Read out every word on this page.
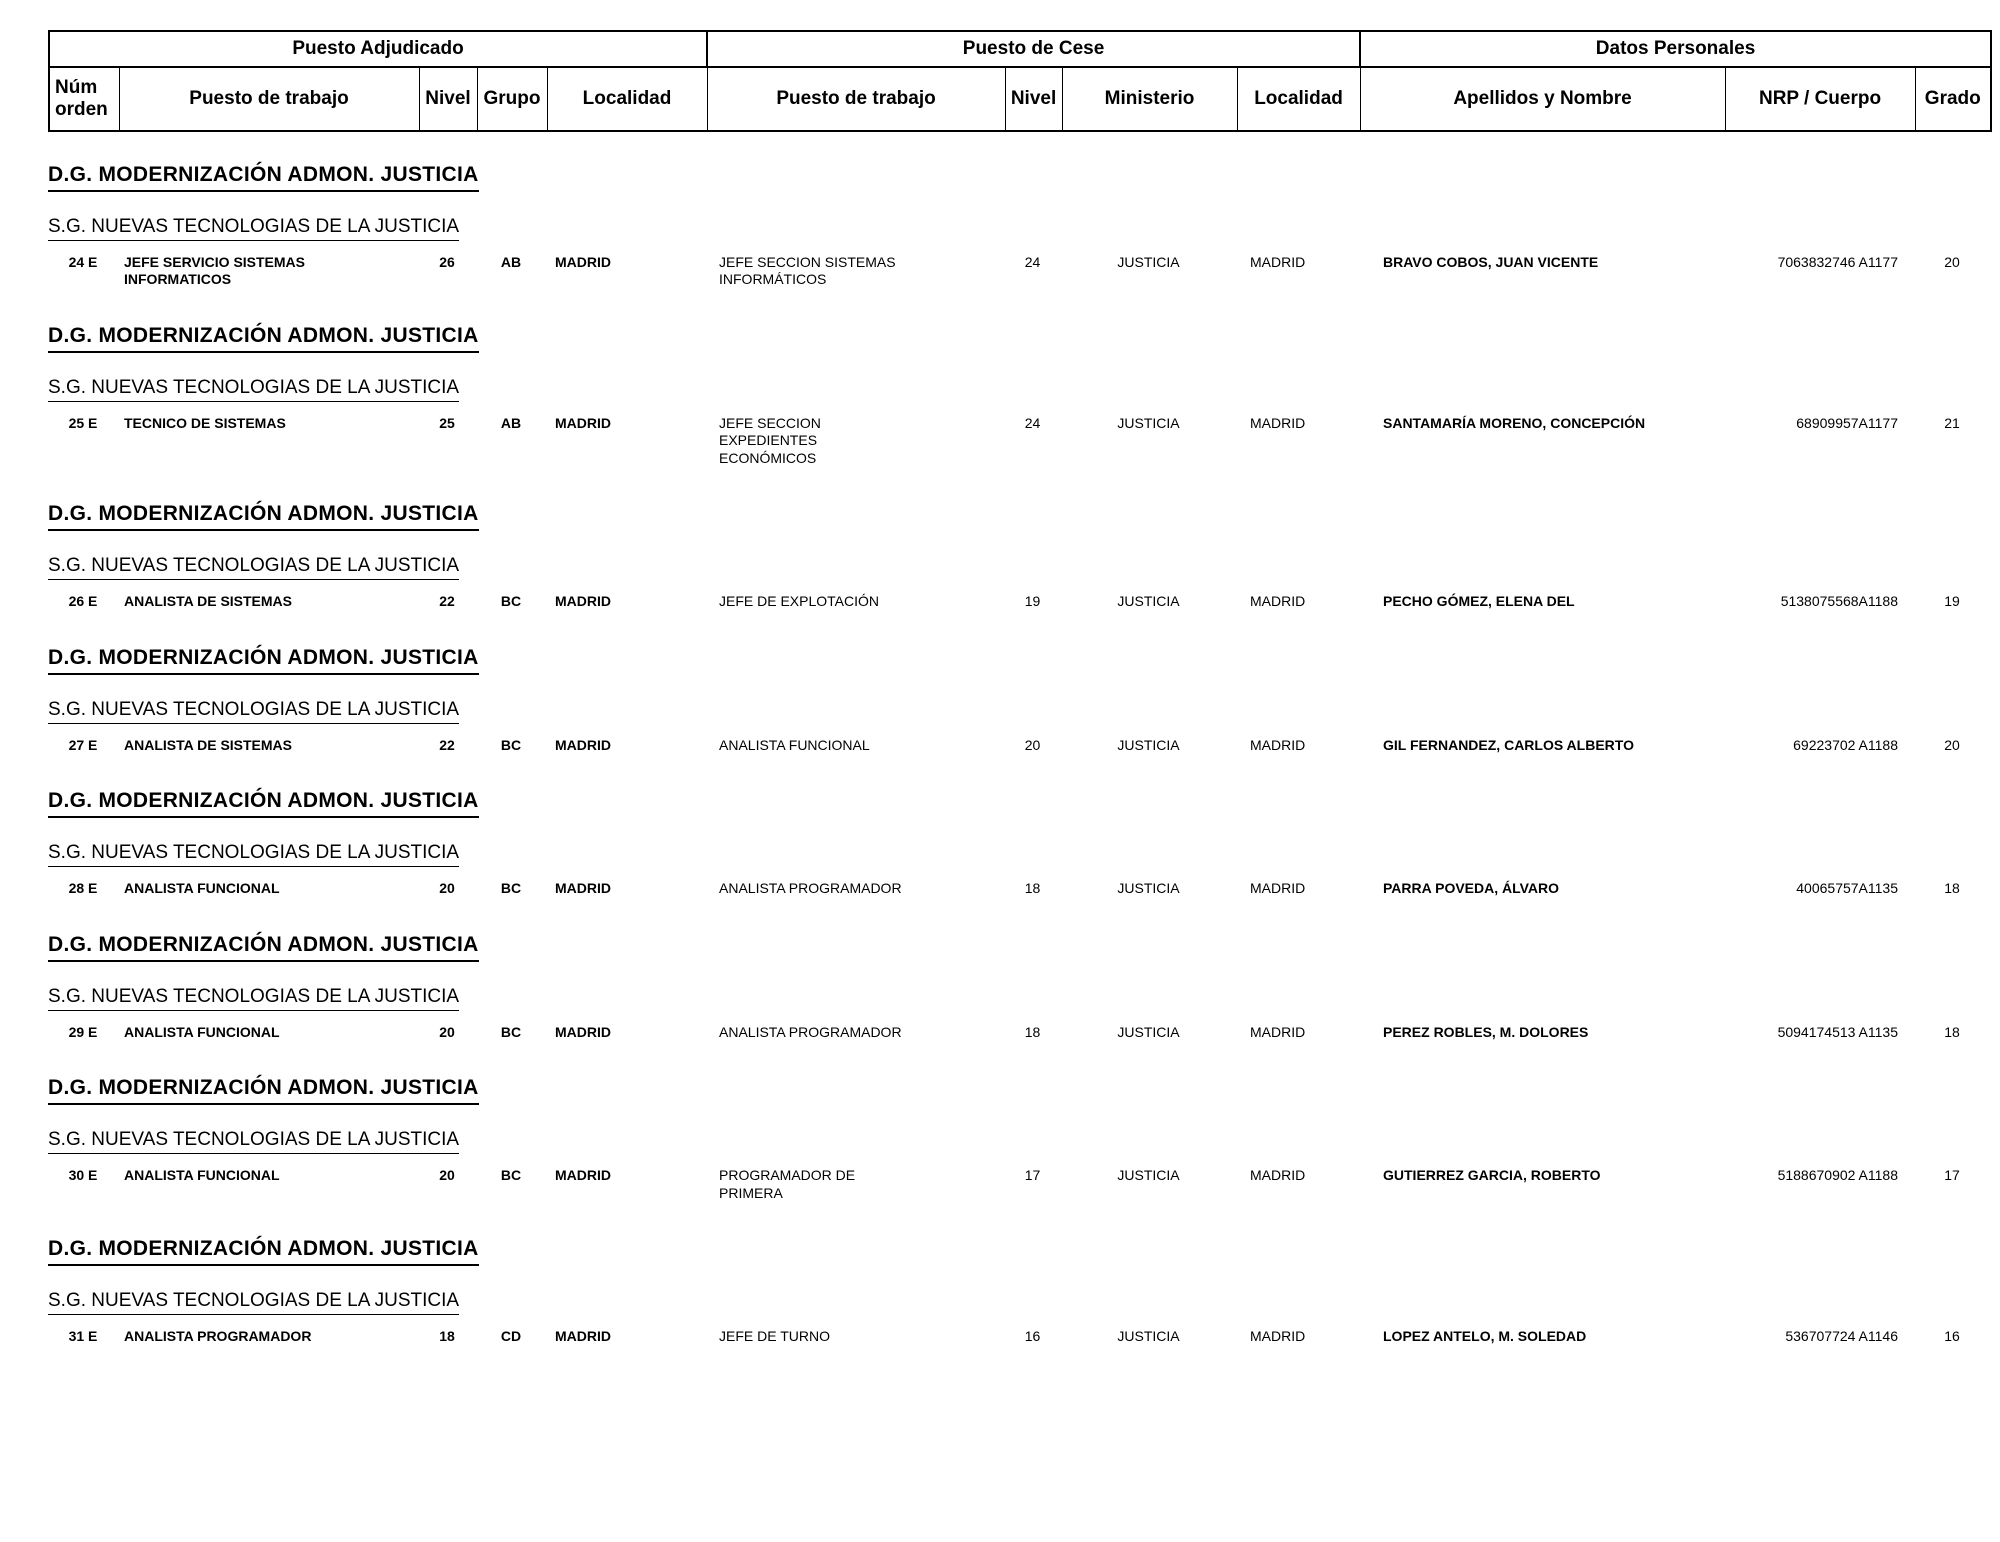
Puesto Adjudicado					Puesto de Cese				Datos Personales		
Núm orden	Puesto de trabajo	Nivel	Grupo	Localidad	Puesto de trabajo	Nivel	Ministerio	Localidad	Apellidos y Nombre	NRP / Cuerpo	Grado
D.G. MODERNIZACIÓN ADMON. JUSTICIA											
S.G. NUEVAS TECNOLOGIAS DE LA JUSTICIA											
24 E	JEFE SERVICIO SISTEMAS INFORMATICOS	26	AB	MADRID	JEFE SECCION SISTEMAS INFORMÁTICOS	24	JUSTICIA	MADRID	BRAVO COBOS, JUAN VICENTE	7063832746 A1177	20
D.G. MODERNIZACIÓN ADMON. JUSTICIA											
S.G. NUEVAS TECNOLOGIAS DE LA JUSTICIA											
25 E	TECNICO DE SISTEMAS	25	AB	MADRID	JEFE SECCION EXPEDIENTES ECONÓMICOS	24	JUSTICIA	MADRID	SANTAMARÍA MORENO, CONCEPCIÓN	68909957A1177	21
D.G. MODERNIZACIÓN ADMON. JUSTICIA											
S.G. NUEVAS TECNOLOGIAS DE LA JUSTICIA											
26 E	ANALISTA DE SISTEMAS	22	BC	MADRID	JEFE DE EXPLOTACIÓN	19	JUSTICIA	MADRID	PECHO GÓMEZ, ELENA DEL	5138075568A1188	19
D.G. MODERNIZACIÓN ADMON. JUSTICIA											
S.G. NUEVAS TECNOLOGIAS DE LA JUSTICIA											
27 E	ANALISTA DE SISTEMAS	22	BC	MADRID	ANALISTA FUNCIONAL	20	JUSTICIA	MADRID	GIL FERNANDEZ, CARLOS ALBERTO	69223702 A1188	20
D.G. MODERNIZACIÓN ADMON. JUSTICIA											
S.G. NUEVAS TECNOLOGIAS DE LA JUSTICIA											
28 E	ANALISTA FUNCIONAL	20	BC	MADRID	ANALISTA PROGRAMADOR	18	JUSTICIA	MADRID	PARRA POVEDA, ÁLVARO	40065757A1135	18
D.G. MODERNIZACIÓN ADMON. JUSTICIA											
S.G. NUEVAS TECNOLOGIAS DE LA JUSTICIA											
29 E	ANALISTA FUNCIONAL	20	BC	MADRID	ANALISTA PROGRAMADOR	18	JUSTICIA	MADRID	PEREZ ROBLES, M. DOLORES	5094174513 A1135	18
D.G. MODERNIZACIÓN ADMON. JUSTICIA											
S.G. NUEVAS TECNOLOGIAS DE LA JUSTICIA											
30 E	ANALISTA FUNCIONAL	20	BC	MADRID	PROGRAMADOR DE PRIMERA	17	JUSTICIA	MADRID	GUTIERREZ GARCIA, ROBERTO	5188670902 A1188	17
D.G. MODERNIZACIÓN ADMON. JUSTICIA											
S.G. NUEVAS TECNOLOGIAS DE LA JUSTICIA											
31 E	ANALISTA PROGRAMADOR	18	CD	MADRID	JEFE DE TURNO	16	JUSTICIA	MADRID	LOPEZ ANTELO, M. SOLEDAD	536707724 A1146	16
